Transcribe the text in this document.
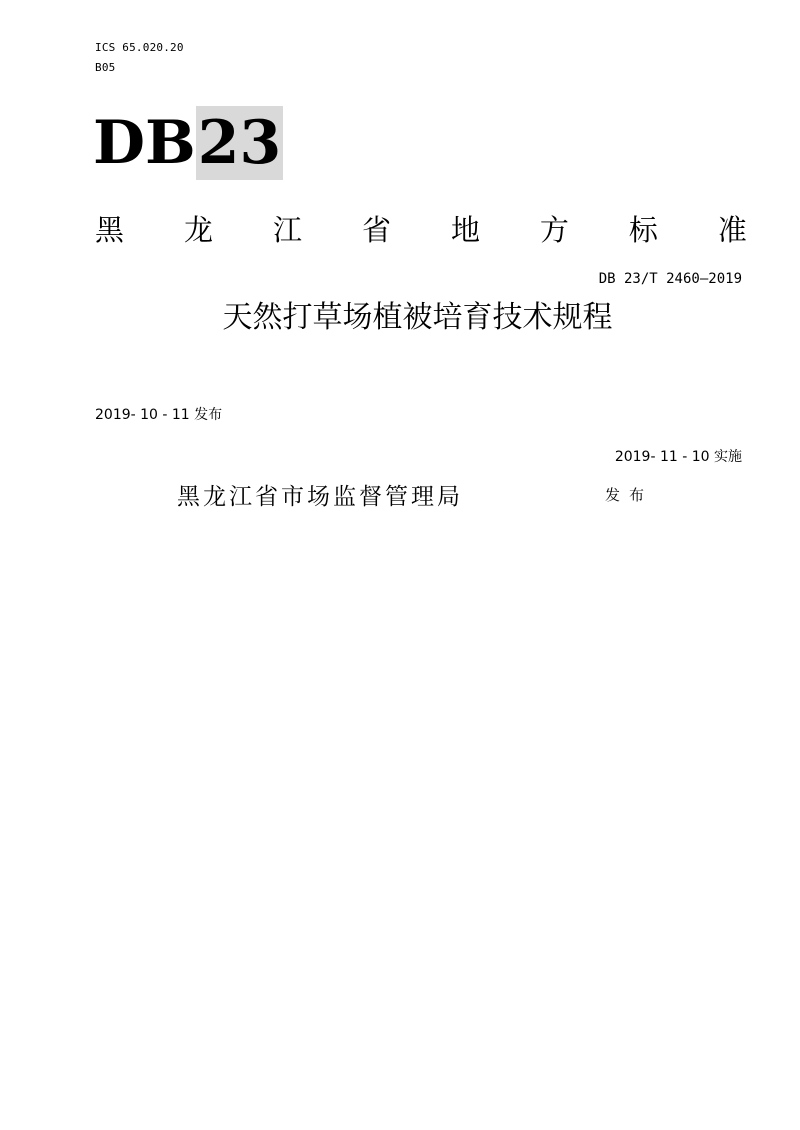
ICS 65.020.20
B05
DB23
黑 龙 江 省 地 方 标 准
DB 23/T 2460—2019
天然打草场植被培育技术规程
2019- 10 - 11 发布
2019- 11 - 10 实施
黑龙江省市场监督管理局	发布
